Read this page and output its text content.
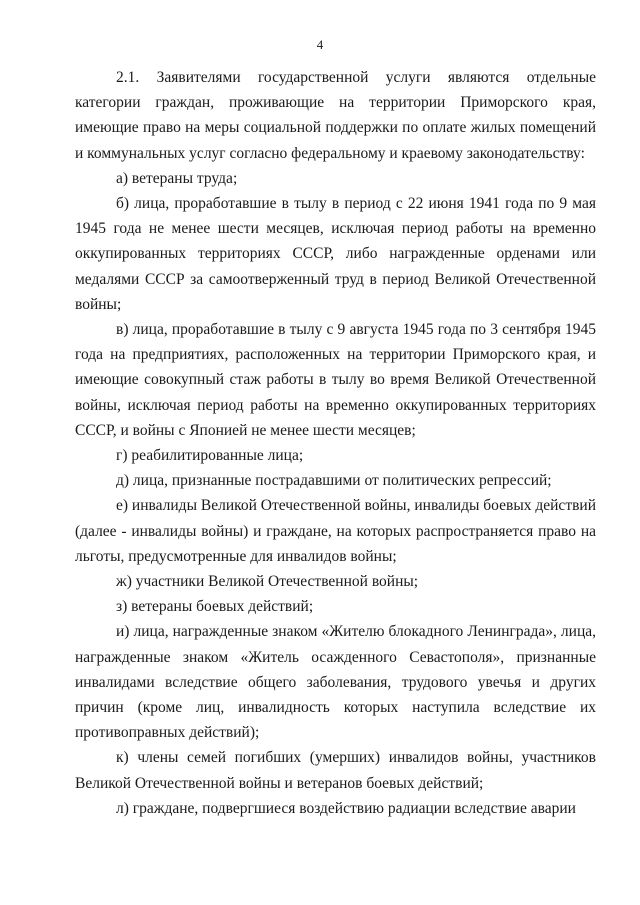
4

2.1. Заявителями государственной услуги являются отдельные категории граждан, проживающие на территории Приморского края, имеющие право на меры социальной поддержки по оплате жилых помещений и коммунальных услуг согласно федеральному и краевому законодательству:

а) ветераны труда;

б) лица, проработавшие в тылу в период с 22 июня 1941 года по 9 мая 1945 года не менее шести месяцев, исключая период работы на временно оккупированных территориях СССР, либо награжденные орденами или медалями СССР за самоотверженный труд в период Великой Отечественной войны;

в) лица, проработавшие в тылу с 9 августа 1945 года по 3 сентября 1945 года на предприятиях, расположенных на территории Приморского края, и имеющие совокупный стаж работы в тылу во время Великой Отечественной войны, исключая период работы на временно оккупированных территориях СССР, и войны с Японией не менее шести месяцев;

г) реабилитированные лица;

д) лица, признанные пострадавшими от политических репрессий;

е) инвалиды Великой Отечественной войны, инвалиды боевых действий (далее - инвалиды войны) и граждане, на которых распространяется право на льготы, предусмотренные для инвалидов войны;

ж) участники Великой Отечественной войны;

з) ветераны боевых действий;

и) лица, награжденные знаком «Жителю блокадного Ленинграда», лица, награжденные знаком «Житель осажденного Севастополя», признанные инвалидами вследствие общего заболевания, трудового увечья и других причин (кроме лиц, инвалидность которых наступила вследствие их противоправных действий);

к) члены семей погибших (умерших) инвалидов войны, участников Великой Отечественной войны и ветеранов боевых действий;

л) граждане, подвергшиеся воздействию радиации вследствие аварии
